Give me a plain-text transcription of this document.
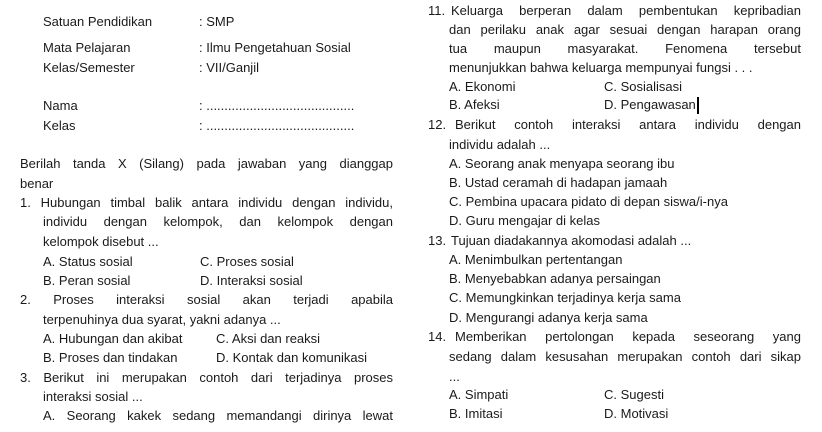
Satuan Pendidikan	: SMP
Mata Pelajaran	: Ilmu Pengetahuan Sosial
Kelas/Semester	: VII/Ganjil
Nama	: .........................................
Kelas	: .........................................
Berilah tanda X (Silang) pada jawaban yang dianggap
benar
1. Hubungan timbal balik antara individu dengan individu,
individu dengan kelompok, dan kelompok dengan
kelompok disebut ...
A. Status sosial	C. Proses sosial
B. Peran sosial	D. Interaksi sosial
2. Proses interaksi sosial akan terjadi apabila
terpenuhinya dua syarat, yakni adanya ...
A. Hubungan dan akibat	C. Aksi dan reaksi
B. Proses dan tindakan	D. Kontak dan komunikasi
3. Berikut ini merupakan contoh dari terjadinya proses
interaksi sosial ...
A. Seorang kakek sedang memandangi dirinya lewat
11. Keluarga berperan dalam pembentukan kepribadian
dan perilaku anak agar sesuai dengan harapan orang
tua maupun masyarakat. Fenomena tersebut
menunjukkan bahwa keluarga mempunyai fungsi . . .
A. Ekonomi	C. Sosialisasi
B. Afeksi	D. Pengawasan
12. Berikut contoh interaksi antara individu dengan
individu adalah ...
A. Seorang anak menyapa seorang ibu
B. Ustad ceramah di hadapan jamaah
C. Pembina upacara pidato di depan siswa/i-nya
D. Guru mengajar di kelas
13. Tujuan diadakannya akomodasi adalah ...
A. Menimbulkan pertentangan
B. Menyebabkan adanya persaingan
C. Memungkinkan terjadinya kerja sama
D. Mengurangi adanya kerja sama
14. Memberikan pertolongan kepada seseorang yang
sedang dalam kesusahan merupakan contoh dari sikap
...
A. Simpati	C. Sugesti
B. Imitasi	D. Motivasi
